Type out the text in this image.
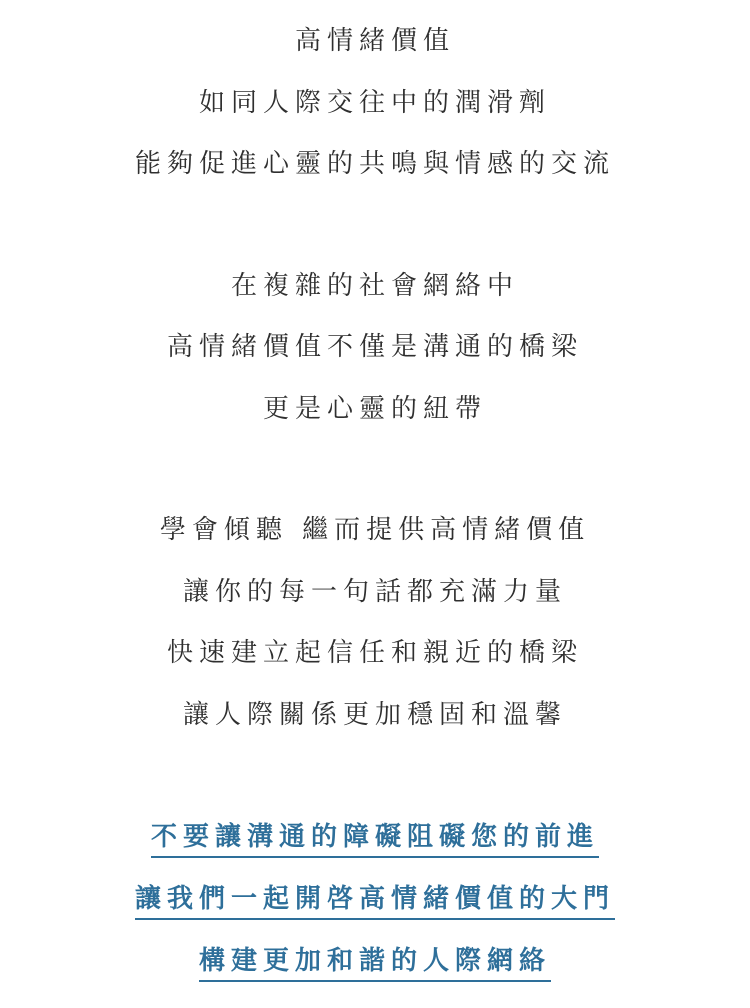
高情緒價值
如同人際交往中的潤滑劑
能夠促進心靈的共鳴與情感的交流
在複雜的社會網絡中
高情緒價值不僅是溝通的橋梁
更是心靈的紐帶
學會傾聽 繼而提供高情緒價值
讓你的每一句話都充滿力量
快速建立起信任和親近的橋梁
讓人際關係更加穩固和溫馨
不要讓溝通的障礙阻礙您的前進
讓我們一起開啓高情緒價值的大門
構建更加和諧的人際網絡
